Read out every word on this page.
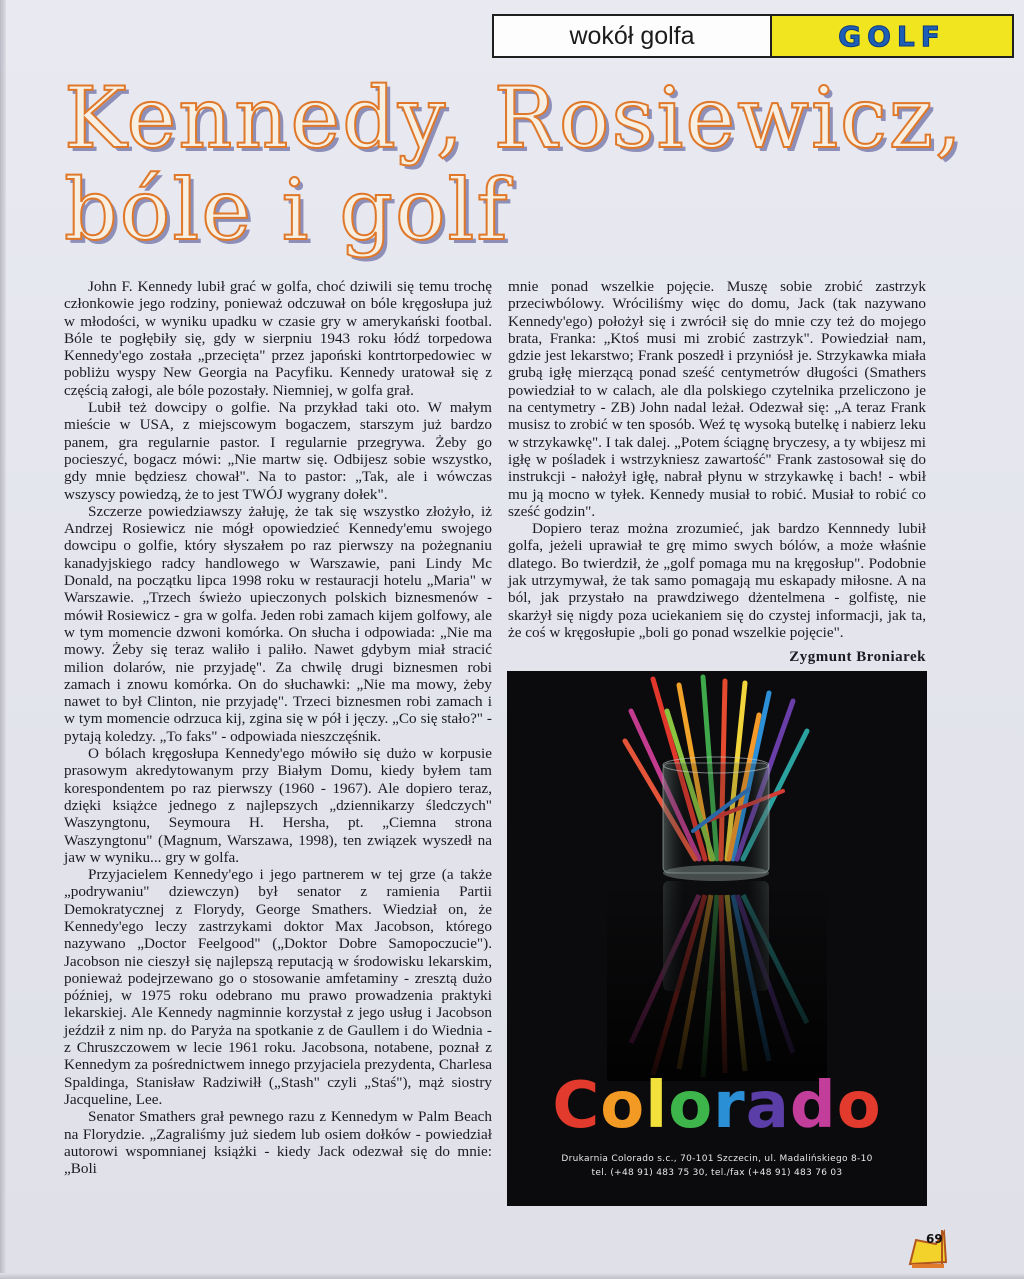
wokół golfa	GOLF
Kennedy, Rosiewicz,
bóle i golf

John F. Kennedy lubił grać w golfa, choć dziwili się temu trochę członkowie jego rodziny, ponieważ odczuwał on bóle kręgosłupa już w młodości, w wyniku upadku w czasie gry w amerykański footbal. Bóle te pogłębiły się, gdy w sierpniu 1943 roku łódź torpedowa Kennedy'ego została „przecięta" przez japoński kontrtorpedowiec w pobliżu wyspy New Georgia na Pacyfiku. Kennedy uratował się z częścią załogi, ale bóle pozostały. Niemniej, w golfa grał.

Lubił też dowcipy o golfie. Na przykład taki oto. W małym mieście w USA, z miejscowym bogaczem, starszym już bardzo panem, gra regularnie pastor. I regularnie przegrywa. Żeby go pocieszyć, bogacz mówi: „Nie martw się. Odbijesz sobie wszystko, gdy mnie będziesz chował". Na to pastor: „Tak, ale i wówczas wszyscy powiedzą, że to jest TWÓJ wygrany dołek".

Szczerze powiedziawszy żałuję, że tak się wszystko złożyło, iż Andrzej Rosiewicz nie mógł opowiedzieć Kennedy'emu swojego dowcipu o golfie, który słyszałem po raz pierwszy na pożegnaniu kanadyjskiego radcy handlowego w Warszawie, pani Lindy Mc Donald, na początku lipca 1998 roku w restauracji hotelu „Maria" w Warszawie. „Trzech świeżo upieczonych polskich biznesmenów - mówił Rosiewicz - gra w golfa. Jeden robi zamach kijem golfowy, ale w tym momencie dzwoni komórka. On słucha i odpowiada: „Nie ma mowy. Żeby się teraz waliło i paliło. Nawet gdybym miał stracić milion dolarów, nie przyjadę". Za chwilę drugi biznesmen robi zamach i znowu komórka. On do słuchawki: „Nie ma mowy, żeby nawet to był Clinton, nie przyjadę". Trzeci biznesmen robi zamach i w tym momencie odrzuca kij, zgina się w pół i jęczy. „Co się stało?" - pytają koledzy. „To faks" - odpowiada nieszczęśnik.

O bólach kręgosłupa Kennedy'ego mówiło się dużo w korpusie prasowym akredytowanym przy Białym Domu, kiedy byłem tam korespondentem po raz pierwszy (1960 - 1967). Ale dopiero teraz, dzięki książce jednego z najlepszych „dziennikarzy śledczych" Waszyngtonu, Seymoura H. Hersha, pt. „Ciemna strona Waszyngtonu" (Magnum, Warszawa, 1998), ten związek wyszedł na jaw w wyniku... gry w golfa.

Przyjacielem Kennedy'ego i jego partnerem w tej grze (a także „podrywaniu" dziewczyn) był senator z ramienia Partii Demokratycznej z Florydy, George Smathers. Wiedział on, że Kennedy'ego leczy zastrzykami doktor Max Jacobson, którego nazywano „Doctor Feelgood" („Doktor Dobre Samopoczucie"). Jacobson nie cieszył się najlepszą reputacją w środowisku lekarskim, ponieważ podejrzewano go o stosowanie amfetaminy - zresztą dużo później, w 1975 roku odebrano mu prawo prowadzenia praktyki lekarskiej. Ale Kennedy nagminnie korzystał z jego usług i Jacobson jeździł z nim np. do Paryża na spotkanie z de Gaullem i do Wiednia - z Chruszczowem w lecie 1961 roku. Jacobsona, notabene, poznał z Kennedym za pośrednictwem innego przyjaciela prezydenta, Charlesa Spaldinga, Stanisław Radziwiłł („Stash" czyli „Staś"), mąż siostry Jacqueline, Lee.

Senator Smathers grał pewnego razu z Kennedym w Palm Beach na Florydzie. „Zagraliśmy już siedem lub osiem dołków - powiedział autorowi wspomnianej książki - kiedy Jack odezwał się do mnie: „Boli

mnie ponad wszelkie pojęcie. Muszę sobie zrobić zastrzyk przeciwbólowy. Wróciliśmy więc do domu, Jack (tak nazywano Kennedy'ego) położył się i zwrócił się do mnie czy też do mojego brata, Franka: „Ktoś musi mi zrobić zastrzyk". Powiedział nam, gdzie jest lekarstwo; Frank poszedł i przyniósł je. Strzykawka miała grubą igłę mierzącą ponad sześć centymetrów długości (Smathers powiedział to w calach, ale dla polskiego czytelnika przeliczono je na centymetry - ZB) John nadal leżał. Odezwał się: „A teraz Frank musisz to zrobić w ten sposób. Weź tę wysoką butelkę i nabierz leku w strzykawkę". I tak dalej. „Potem ściągnę bryczesy, a ty wbijesz mi igłę w pośladek i wstrzykniesz zawartość" Frank zastosował się do instrukcji - nałożył igłę, nabrał płynu w strzykawkę i bach! - wbił mu ją mocno w tyłek. Kennedy musiał to robić. Musiał to robić co sześć godzin".

Dopiero teraz można zrozumieć, jak bardzo Kennnedy lubił golfa, jeżeli uprawiał te grę mimo swych bólów, a może właśnie dlatego. Bo twierdził, że „golf pomaga mu na kręgosłup". Podobnie jak utrzymywał, że tak samo pomagają mu eskapady miłosne. A na ból, jak przystało na prawdziwego dżentelmena - golfistę, nie skarżył się nigdy poza uciekaniem się do czystej informacji, jak ta, że coś w kręgosłupie „boli go ponad wszelkie pojęcie".

Zygmunt Broniarek
Colorado
Drukarnia Colorado s.c., 70-101 Szczecin, ul. Madalińskiego 8-10
tel. (+48 91) 483 75 30, tel./fax (+48 91) 483 76 03
69
